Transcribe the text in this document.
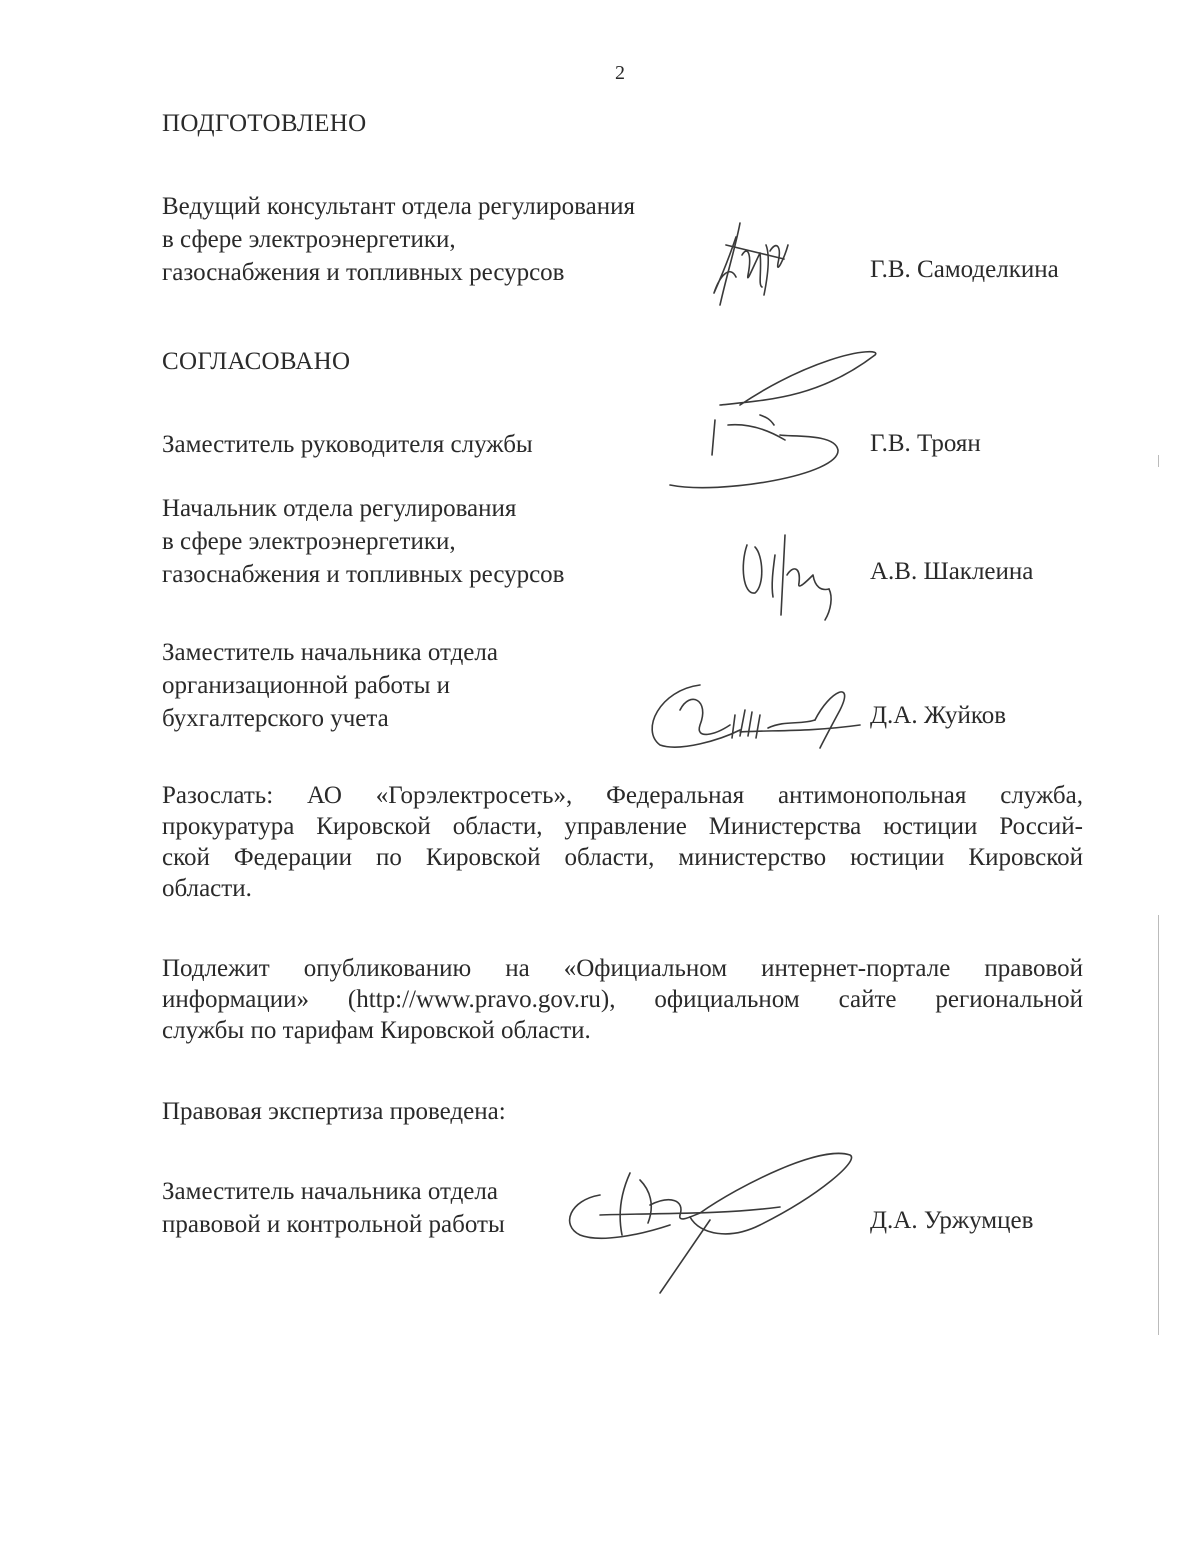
2
ПОДГОТОВЛЕНО
Ведущий консультант отдела регулирования
в сфере электроэнергетики,
газоснабжения и топливных ресурсов	Г.В. Самоделкина
СОГЛАСОВАНО
Заместитель руководителя службы	Г.В. Троян
Начальник отдела регулирования
в сфере электроэнергетики,
газоснабжения и топливных ресурсов	А.В. Шаклеина
Заместитель начальника отдела
организационной работы и
бухгалтерского учета	Д.А. Жуйков
Разослать: АО «Горэлектросеть», Федеральная антимонопольная служба,
прокуратура Кировской области, управление Министерства юстиции Россий-
ской Федерации по Кировской области, министерство юстиции Кировской
области.
Подлежит опубликованию на «Официальном интернет-портале правовой
информации» (http://www.pravo.gov.ru), официальном сайте региональной
службы по тарифам Кировской области.
Правовая экспертиза проведена:
Заместитель начальника отдела
правовой и контрольной работы	Д.А. Уржумцев
